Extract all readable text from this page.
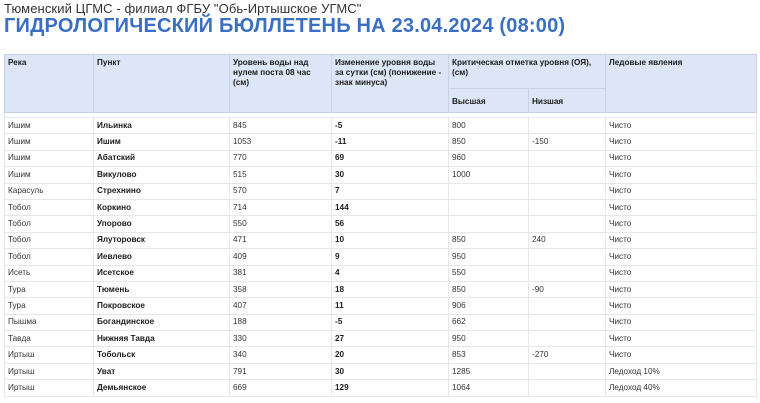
Тюменский ЦГМС - филиал ФГБУ "Обь-Иртышское УГМС"
ГИДРОЛОГИЧЕСКИЙ БЮЛЛЕТЕНЬ НА 23.04.2024 (08:00)
Река	Пункт	Уровень воды над нулем поста 08 час (см)	Изменение уровня воды за сутки (см) (понижение - знак минуса)	Критическая отметка уровня (ОЯ), (см)		Ледовые явления
				Высшая	Низшая	

Ишим	Ильинка	845	-5	800		Чисто
Ишим	Ишим	1053	-11	850	-150	Чисто
Ишим	Абатский	770	69	960		Чисто
Ишим	Викулово	515	30	1000		Чисто
Карасуль	Стрехнино	570	7			Чисто
Тобол	Коркино	714	144			Чисто
Тобол	Упорово	550	56			Чисто
Тобол	Ялуторовск	471	10	850	240	Чисто
Тобол	Иевлево	409	9	950		Чисто
Исеть	Исетское	381	4	550		Чисто
Тура	Тюмень	358	18	850	-90	Чисто
Тура	Покровское	407	11	906		Чисто
Пышма	Богандинское	188	-5	662		Чисто
Тавда	Нижняя Тавда	330	27	950		Чисто
Иртыш	Тобольск	340	20	853	-270	Чисто
Иртыш	Уват	791	30	1285		Ледоход 10%
Иртыш	Демьянское	669	129	1064		Ледоход 40%
